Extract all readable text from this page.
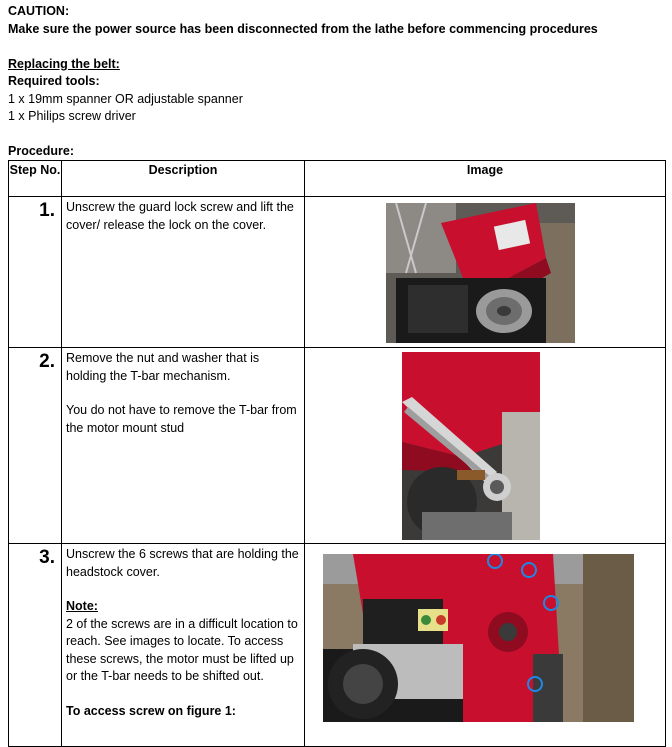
CAUTION:

Make sure the power source has been disconnected from the lathe before commencing procedures

Replacing the belt:

Required tools:

1 x 19mm spanner OR adjustable spanner

1 x Philips screw driver

Procedure:

Step No.	Description	Image
1.	Unscrew the guard lock screw and lift the cover/ release the lock on the cover.

2.	Remove the nut and washer that is holding the T-bar mechanism.

You do not have to remove the T-bar from the motor mount stud

3.	Unscrew the 6 screws that are holding the headstock cover.

Note:

2 of the screws are in a difficult location to reach. See images to locate. To access these screws, the motor must be lifted up or the T-bar needs to be shifted out.

To access screw on figure 1:
